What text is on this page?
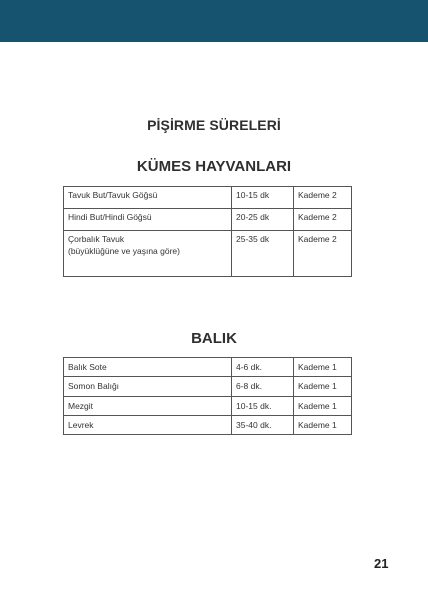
PİŞİRME SÜRELERİ
KÜMES HAYVANLARI
Tavuk But/Tavuk Göğsü	10-15 dk	Kademe 2
Hindi But/Hindi Göğsü	20-25 dk	Kademe 2

Çorbalık Tavuk
(büyüklüğüne ve yaşına göre)	25-35 dk	Kademe 2
BALIK
Balık Sote	4-6 dk.	Kademe 1
Somon Balığı	6-8 dk.	Kademe 1
Mezgit	10-15 dk.	Kademe 1
Levrek	35-40 dk.	Kademe 1
21
